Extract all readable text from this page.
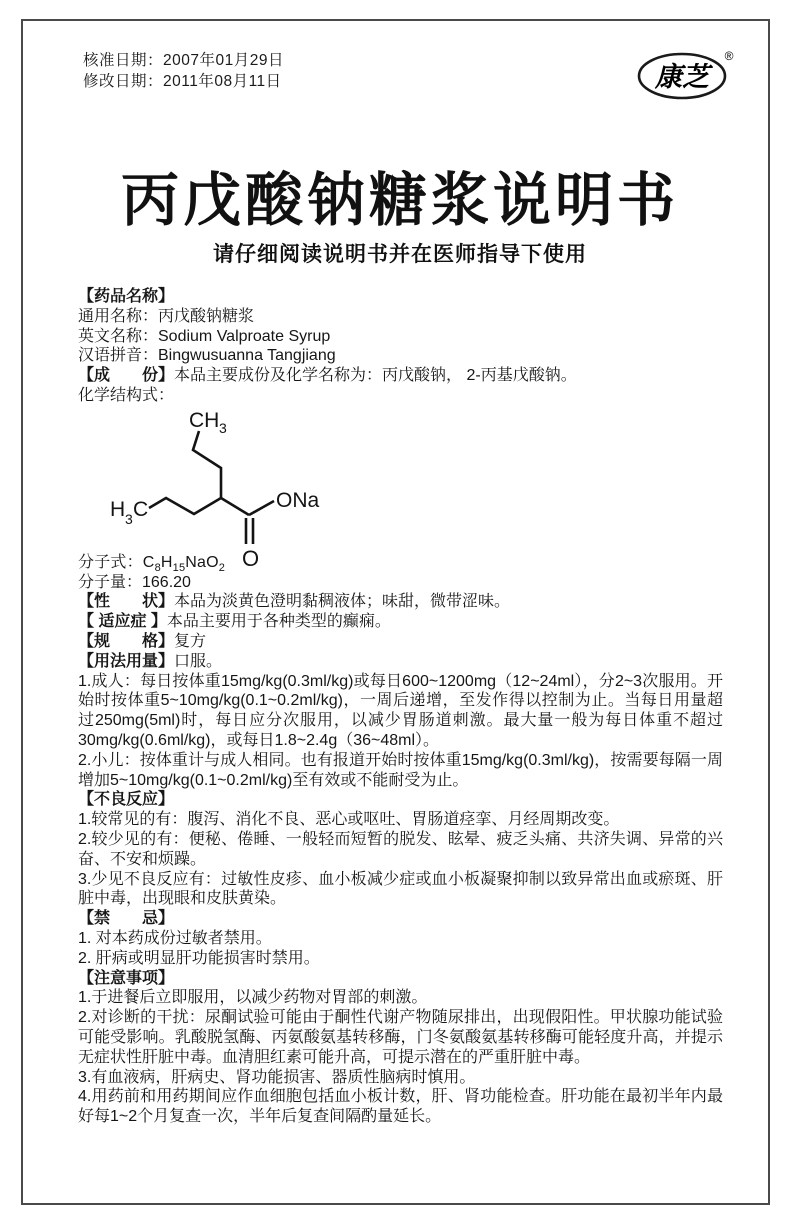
核准日期：2007年01月29日
修改日期：2011年08月11日	康芝
®
丙戊酸钠糖浆说明书
请仔细阅读说明书并在医师指导下使用

【药品名称】

通用名称：丙戊酸钠糖浆

英文名称：Sodium Valproate Syrup

汉语拼音：Bingwusuanna Tangjiang

【成　　份】本品主要成份及化学名称为：丙戊酸钠， 2-丙基戊酸钠。

化学结构式：

CH 3
H 3 C	ONa
O

分子式：$C_8H_{15}NaO_2$

分子量：166.20

【性　　状】本品为淡黄色澄明黏稠液体；味甜，微带涩味。

【 适应症 】本品主要用于各种类型的癫痫。

【规　　格】复方

【用法用量】口服。

1.成人：每日按体重15mg/kg(0.3ml/kg)或每日600~1200mg（12~24ml），分2~3次服用。开始时按体重5~10mg/kg(0.1~0.2ml/kg)，一周后递增，至发作得以控制为止。当每日用量超过250mg(5ml)时，每日应分次服用，以减少胃肠道刺激。最大量一般为每日体重不超过30mg/kg(0.6ml/kg)，或每日1.8~2.4g（36~48ml）。

2.小儿：按体重计与成人相同。也有报道开始时按体重15mg/kg(0.3ml/kg)，按需要每隔一周增加5~10mg/kg(0.1~0.2ml/kg)至有效或不能耐受为止。

【不良反应】

1.较常见的有：腹泻、消化不良、恶心或呕吐、胃肠道痉挛、月经周期改变。

2.较少见的有：便秘、倦睡、一般轻而短暂的脱发、眩晕、疲乏头痛、共济失调、异常的兴奋、不安和烦躁。

3.少见不良反应有：过敏性皮疹、血小板减少症或血小板凝聚抑制以致异常出血或瘀斑、肝脏中毒，出现眼和皮肤黄染。

【禁　　忌】

1. 对本药成份过敏者禁用。

2. 肝病或明显肝功能损害时禁用。

【注意事项】

1.于进餐后立即服用，以减少药物对胃部的刺激。

2.对诊断的干扰：尿酮试验可能由于酮性代谢产物随尿排出，出现假阳性。甲状腺功能试验可能受影响。乳酸脱氢酶、丙氨酸氨基转移酶，门冬氨酸氨基转移酶可能轻度升高，并提示无症状性肝脏中毒。血清胆红素可能升高，可提示潜在的严重肝脏中毒。

3.有血液病，肝病史、肾功能损害、器质性脑病时慎用。

4.用药前和用药期间应作血细胞包括血小板计数，肝、肾功能检查。肝功能在最初半年内最好每1~2个月复查一次，半年后复查间隔酌量延长。
